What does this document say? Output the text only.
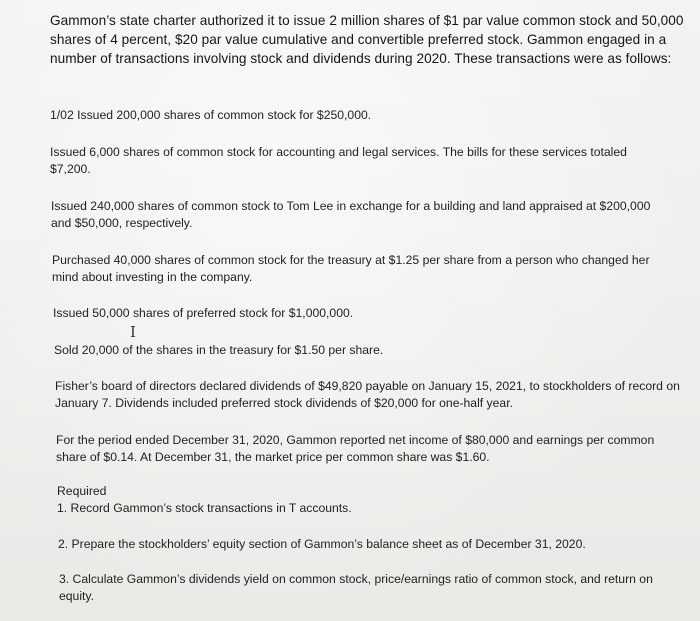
Gammon’s state charter authorized it to issue 2 million shares of $1 par value common stock and 50,000 shares of 4 percent, $20 par value cumulative and convertible preferred stock. Gammon engaged in a number of transactions involving stock and dividends during 2020. These transactions were as follows:
1/02 Issued 200,000 shares of common stock for $250,000.
Issued 6,000 shares of common stock for accounting and legal services. The bills for these services totaled $7,200.
Issued 240,000 shares of common stock to Tom Lee in exchange for a building and land appraised at $200,000 and $50,000, respectively.
Purchased 40,000 shares of common stock for the treasury at $1.25 per share from a person who changed her mind about investing in the company.
Issued 50,000 shares of preferred stock for $1,000,000.
I
Sold 20,000 of the shares in the treasury for $1.50 per share.
Fisher’s board of directors declared dividends of $49,820 payable on January 15, 2021, to stockholders of record on January 7. Dividends included preferred stock dividends of $20,000 for one-half year.
For the period ended December 31, 2020, Gammon reported net income of $80,000 and earnings per common share of $0.14. At December 31, the market price per common share was $1.60.
Required
1. Record Gammon’s stock transactions in T accounts.
2. Prepare the stockholders’ equity section of Gammon’s balance sheet as of December 31, 2020.
3. Calculate Gammon’s dividends yield on common stock, price/earnings ratio of common stock, and return on equity.
